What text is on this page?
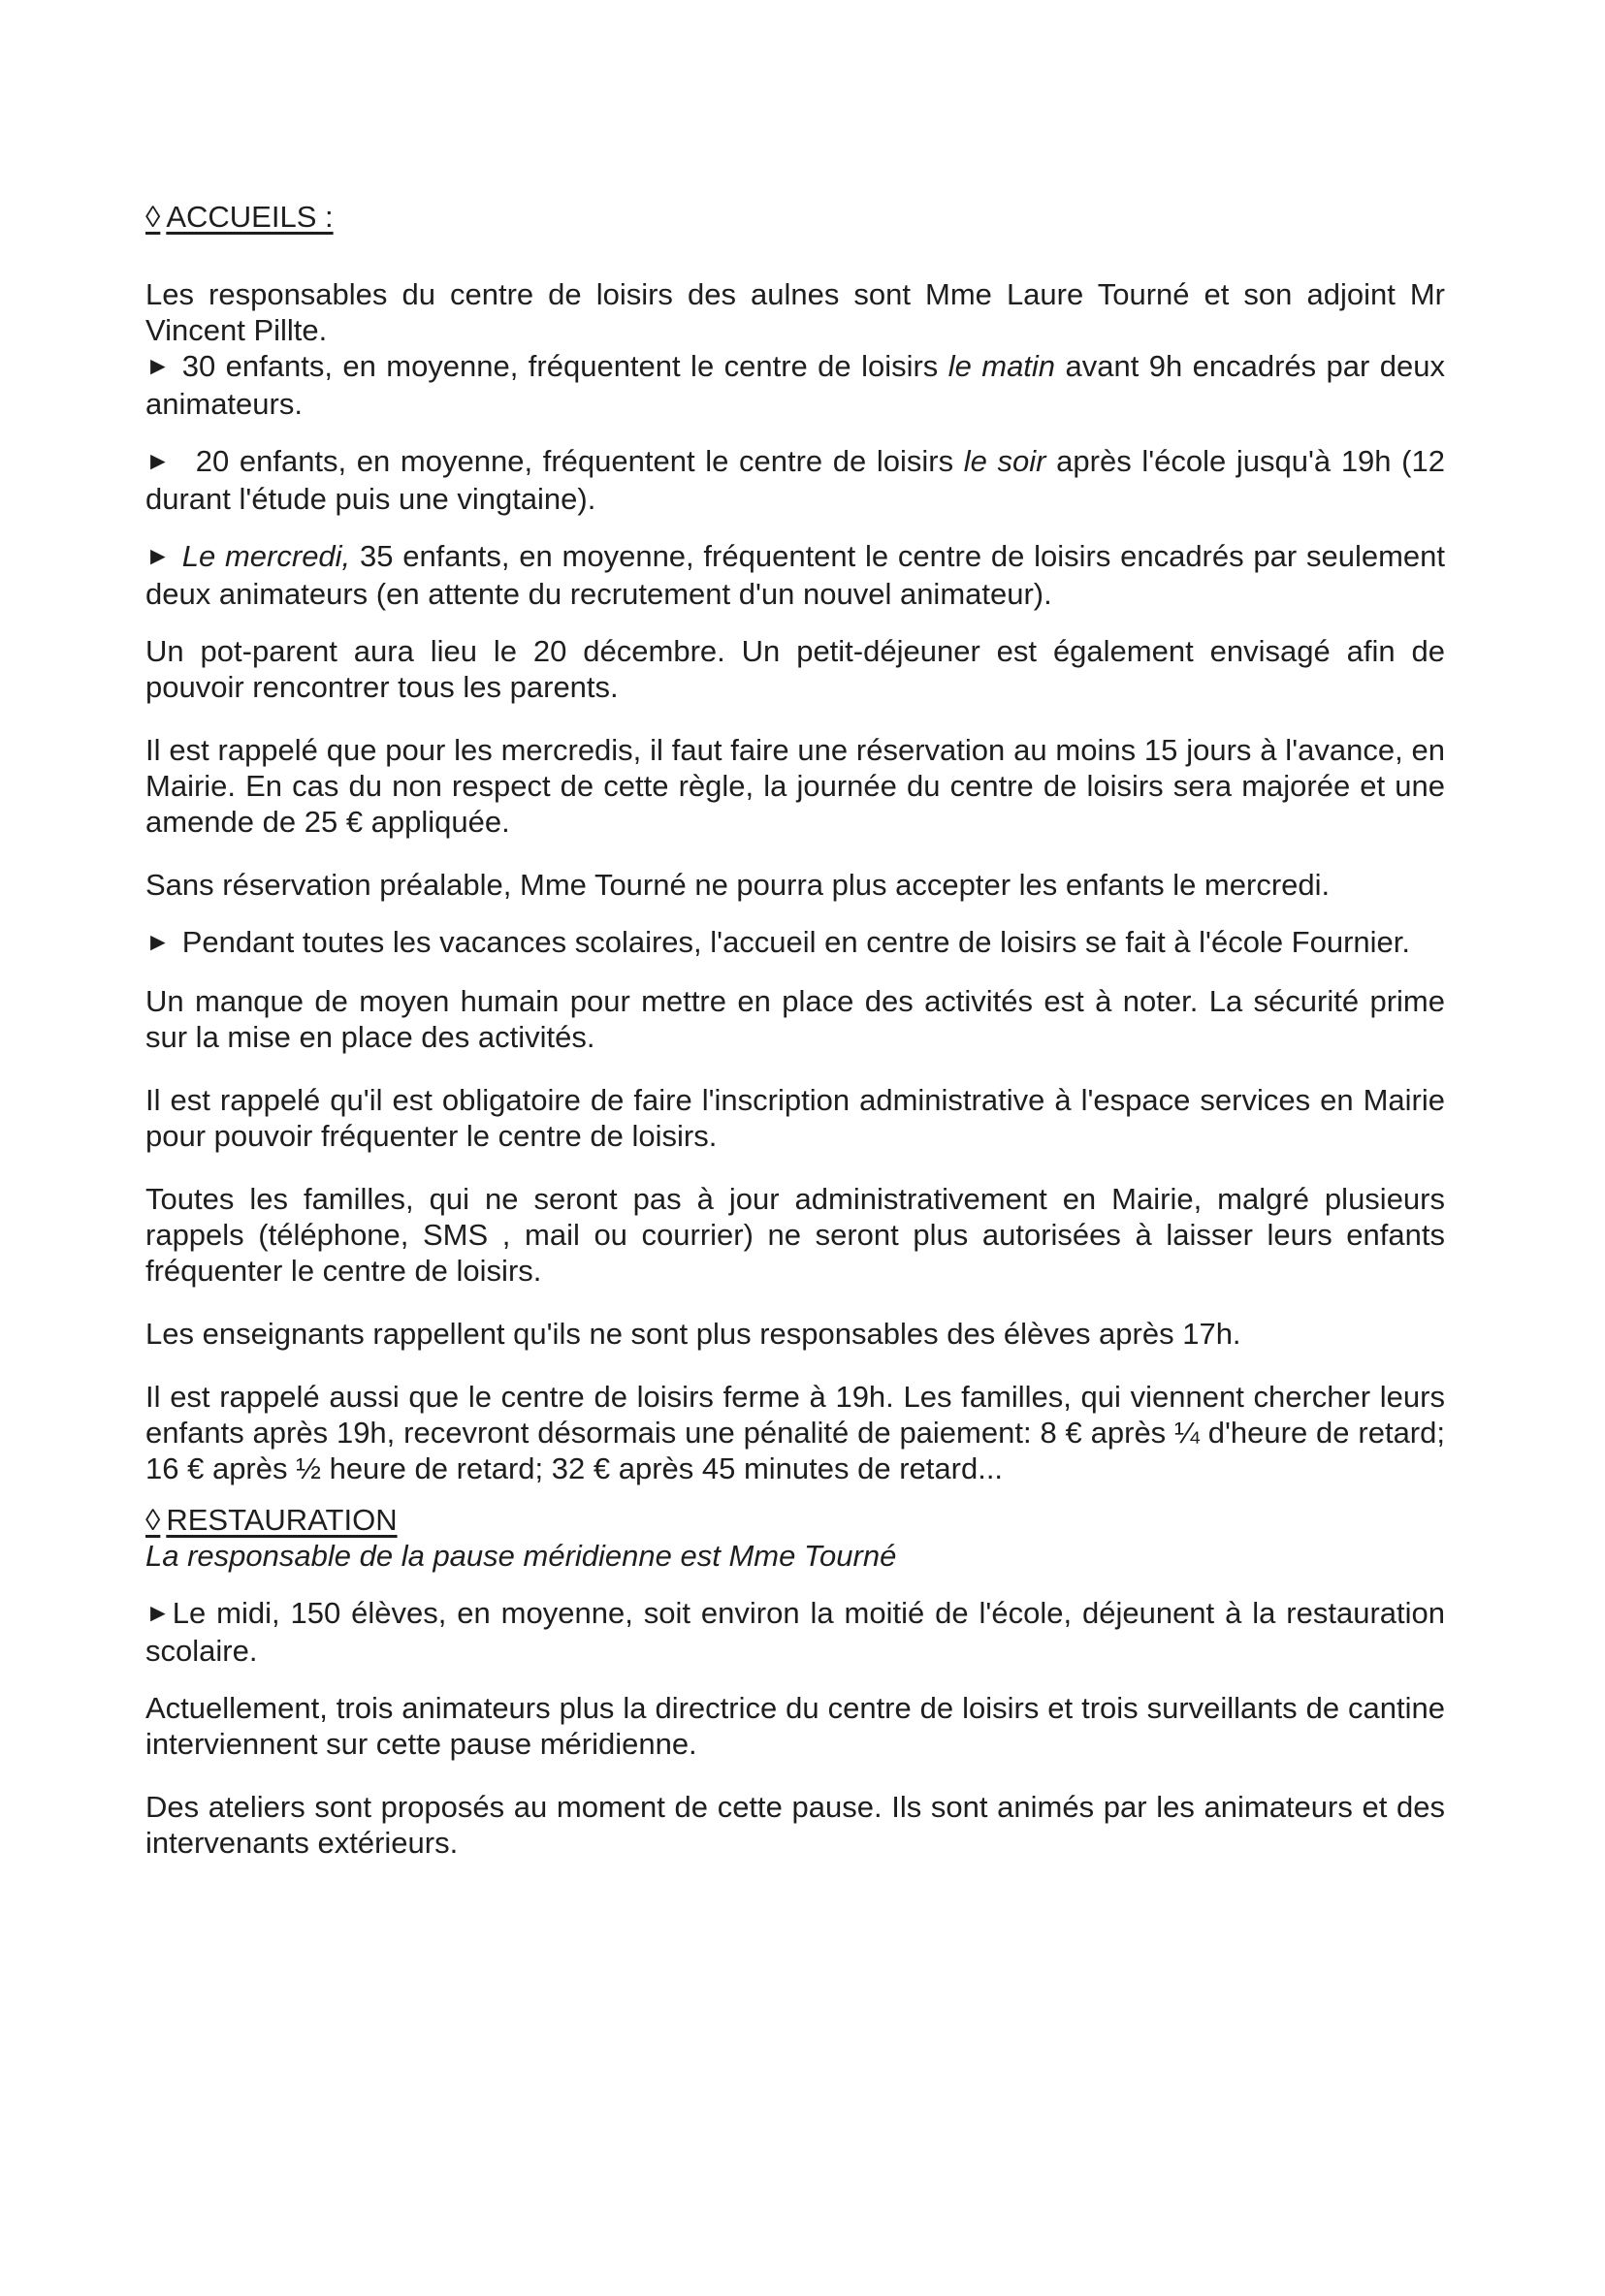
◊ ACCUEILS :

Les responsables du centre de loisirs des aulnes sont Mme Laure Tourné et son adjoint Mr Vincent Pillte.

► 30 enfants, en moyenne, fréquentent le centre de loisirs le matin avant 9h encadrés par deux animateurs.

► 20 enfants, en moyenne, fréquentent le centre de loisirs le soir après l'école jusqu'à 19h (12 durant l'étude puis une vingtaine).

► Le mercredi, 35 enfants, en moyenne, fréquentent le centre de loisirs encadrés par seulement deux animateurs (en attente du recrutement d'un nouvel animateur).

Un pot-parent aura lieu le 20 décembre. Un petit-déjeuner est également envisagé afin de pouvoir rencontrer tous les parents.

Il est rappelé que pour les mercredis, il faut faire une réservation au moins 15 jours à l'avance, en Mairie. En cas du non respect de cette règle, la journée du centre de loisirs sera majorée et une amende de 25 € appliquée.

Sans réservation préalable, Mme Tourné ne pourra plus accepter les enfants le mercredi.

► Pendant toutes les vacances scolaires, l'accueil en centre de loisirs se fait à l'école Fournier.

Un manque de moyen humain pour mettre en place des activités est à noter. La sécurité prime sur la mise en place des activités.

Il est rappelé qu'il est obligatoire de faire l'inscription administrative à l'espace services en Mairie pour pouvoir fréquenter le centre de loisirs.

Toutes les familles, qui ne seront pas à jour administrativement en Mairie, malgré plusieurs rappels (téléphone, SMS , mail ou courrier) ne seront plus autorisées à laisser leurs enfants fréquenter le centre de loisirs.

Les enseignants rappellent qu'ils ne sont plus responsables des élèves après 17h.

Il est rappelé aussi que le centre de loisirs ferme à 19h. Les familles, qui viennent chercher leurs enfants après 19h, recevront désormais une pénalité de paiement: 8 € après ¼ d'heure de retard; 16 € après ½ heure de retard; 32 € après 45 minutes de retard...

◊ RESTAURATION

La responsable de la pause méridienne est Mme Tourné

►Le midi, 150 élèves, en moyenne, soit environ la moitié de l'école, déjeunent à la restauration scolaire.

Actuellement, trois animateurs plus la directrice du centre de loisirs et trois surveillants de cantine interviennent sur cette pause méridienne.

Des ateliers sont proposés au moment de cette pause. Ils sont animés par les animateurs et des intervenants extérieurs.
